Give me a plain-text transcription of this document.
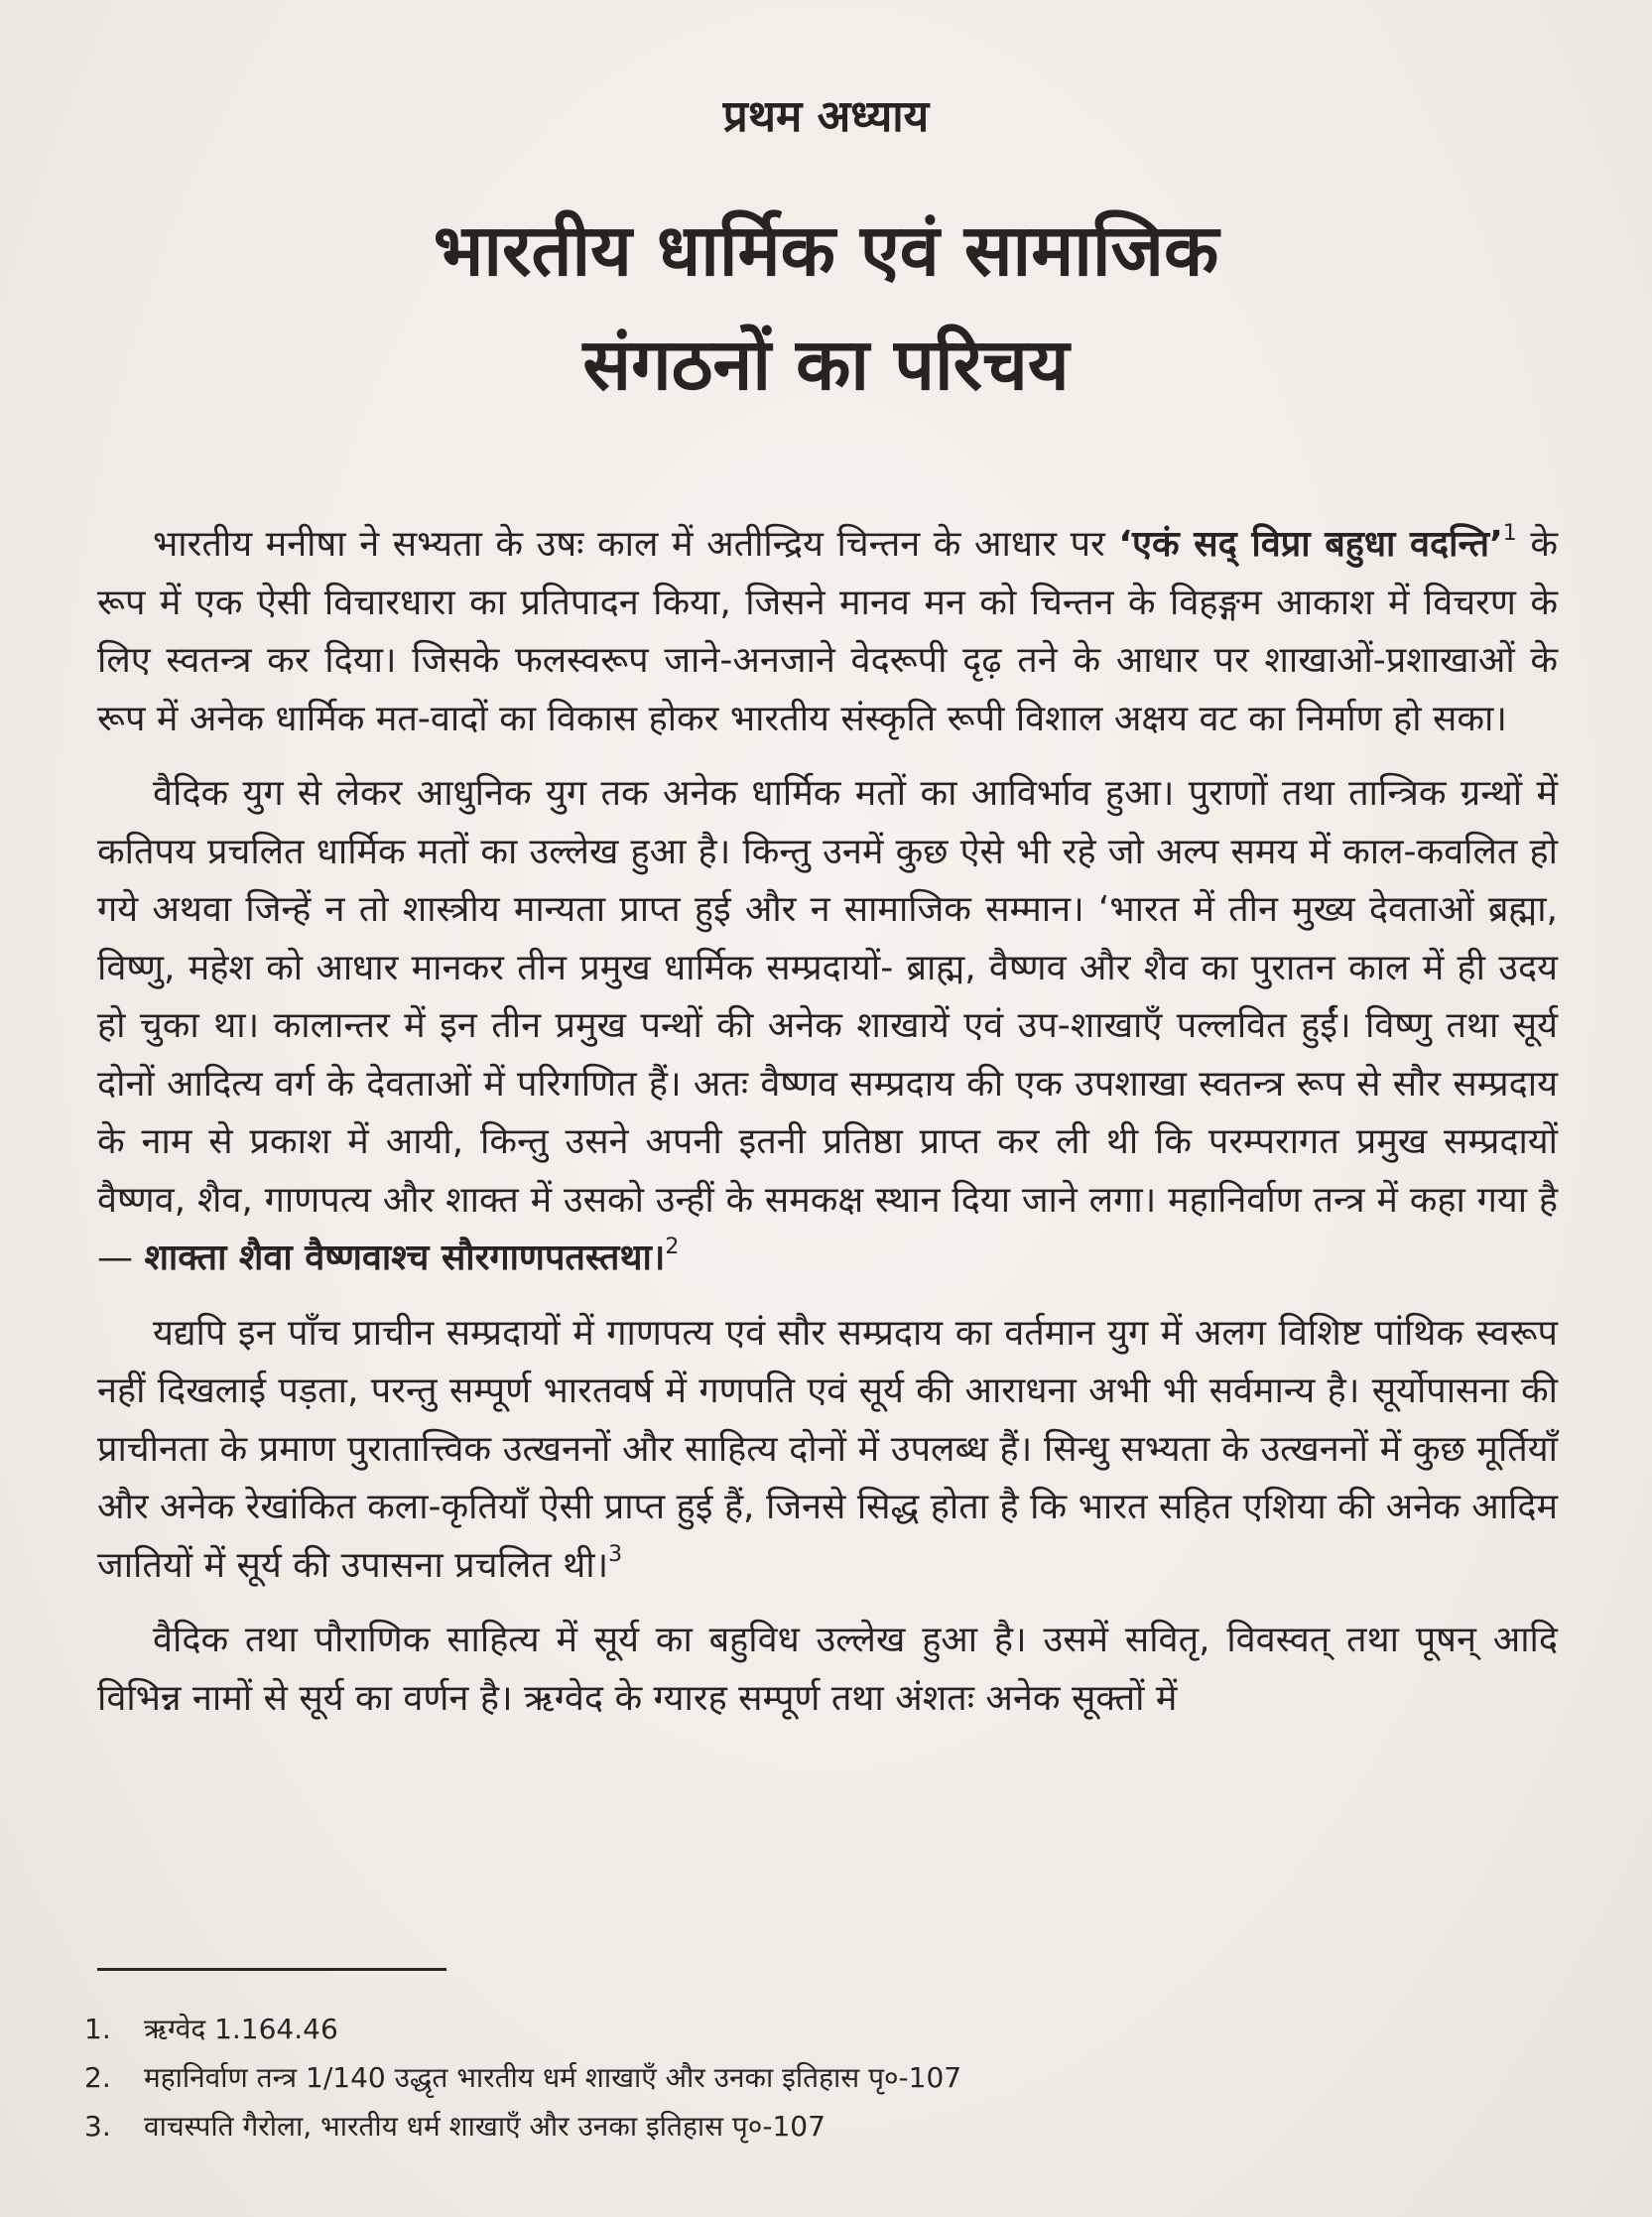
प्रथम अध्याय
भारतीय धार्मिक एवं सामाजिक
संगठनों का परिचय

भारतीय मनीषा ने सभ्यता के उषः काल में अतीन्द्रिय चिन्तन के आधार पर ‘एकं सद् विप्रा बहुधा वदन्ति’$^1$ के रूप में एक ऐसी विचारधारा का प्रतिपादन किया, जिसने मानव मन को चिन्तन के विहङ्गम आकाश में विचरण के लिए स्वतन्त्र कर दिया। जिसके फलस्वरूप जाने-अनजाने वेदरूपी दृढ़ तने के आधार पर शाखाओं-प्रशाखाओं के रूप में अनेक धार्मिक मत-वादों का विकास होकर भारतीय संस्कृति रूपी विशाल अक्षय वट का निर्माण हो सका।

वैदिक युग से लेकर आधुनिक युग तक अनेक धार्मिक मतों का आविर्भाव हुआ। पुराणों तथा तान्त्रिक ग्रन्थों में कतिपय प्रचलित धार्मिक मतों का उल्लेख हुआ है। किन्तु उनमें कुछ ऐसे भी रहे जो अल्प समय में काल-कवलित हो गये अथवा जिन्हें न तो शास्त्रीय मान्यता प्राप्त हुई और न सामाजिक सम्मान। ‘भारत में तीन मुख्य देवताओं ब्रह्मा, विष्णु, महेश को आधार मानकर तीन प्रमुख धार्मिक सम्प्रदायों- ब्राह्म, वैष्णव और शैव का पुरातन काल में ही उदय हो चुका था। कालान्तर में इन तीन प्रमुख पन्थों की अनेक शाखायें एवं उप-शाखाएँ पल्लवित हुईं। विष्णु तथा सूर्य दोनों आदित्य वर्ग के देवताओं में परिगणित हैं। अतः वैष्णव सम्प्रदाय की एक उपशाखा स्वतन्त्र रूप से सौर सम्प्रदाय के नाम से प्रकाश में आयी, किन्तु उसने अपनी इतनी प्रतिष्ठा प्राप्त कर ली थी कि परम्परागत प्रमुख सम्प्रदायों वैष्णव, शैव, गाणपत्य और शाक्त में उसको उन्हीं के समकक्ष स्थान दिया जाने लगा। महानिर्वाण तन्त्र में कहा गया है— शाक्ता शैवा वैष्णवाश्च सौरगाणपतस्तथा।$^2$

यद्यपि इन पाँच प्राचीन सम्प्रदायों में गाणपत्य एवं सौर सम्प्रदाय का वर्तमान युग में अलग विशिष्ट पांथिक स्वरूप नहीं दिखलाई पड़ता, परन्तु सम्पूर्ण भारतवर्ष में गणपति एवं सूर्य की आराधना अभी भी सर्वमान्य है। सूर्योपासना की प्राचीनता के प्रमाण पुरातात्त्विक उत्खननों और साहित्य दोनों में उपलब्ध हैं। सिन्धु सभ्यता के उत्खननों में कुछ मूर्तियाँ और अनेक रेखांकित कला-कृतियाँ ऐसी प्राप्त हुई हैं, जिनसे सिद्ध होता है कि भारत सहित एशिया की अनेक आदिम जातियों में सूर्य की उपासना प्रचलित थी।$^3$

वैदिक तथा पौराणिक साहित्य में सूर्य का बहुविध उल्लेख हुआ है। उसमें सवितृ, विवस्वत् तथा पूषन् आदि विभिन्न नामों से सूर्य का वर्णन है। ऋग्वेद के ग्यारह सम्पूर्ण तथा अंशतः अनेक सूक्तों में

1.	ऋग्वेद 1.164.46
2.	महानिर्वाण तन्त्र 1/140 उद्धृत भारतीय धर्म शाखाएँ और उनका इतिहास पृ०-107
3.	वाचस्पति गैरोला, भारतीय धर्म शाखाएँ और उनका इतिहास पृ०-107
